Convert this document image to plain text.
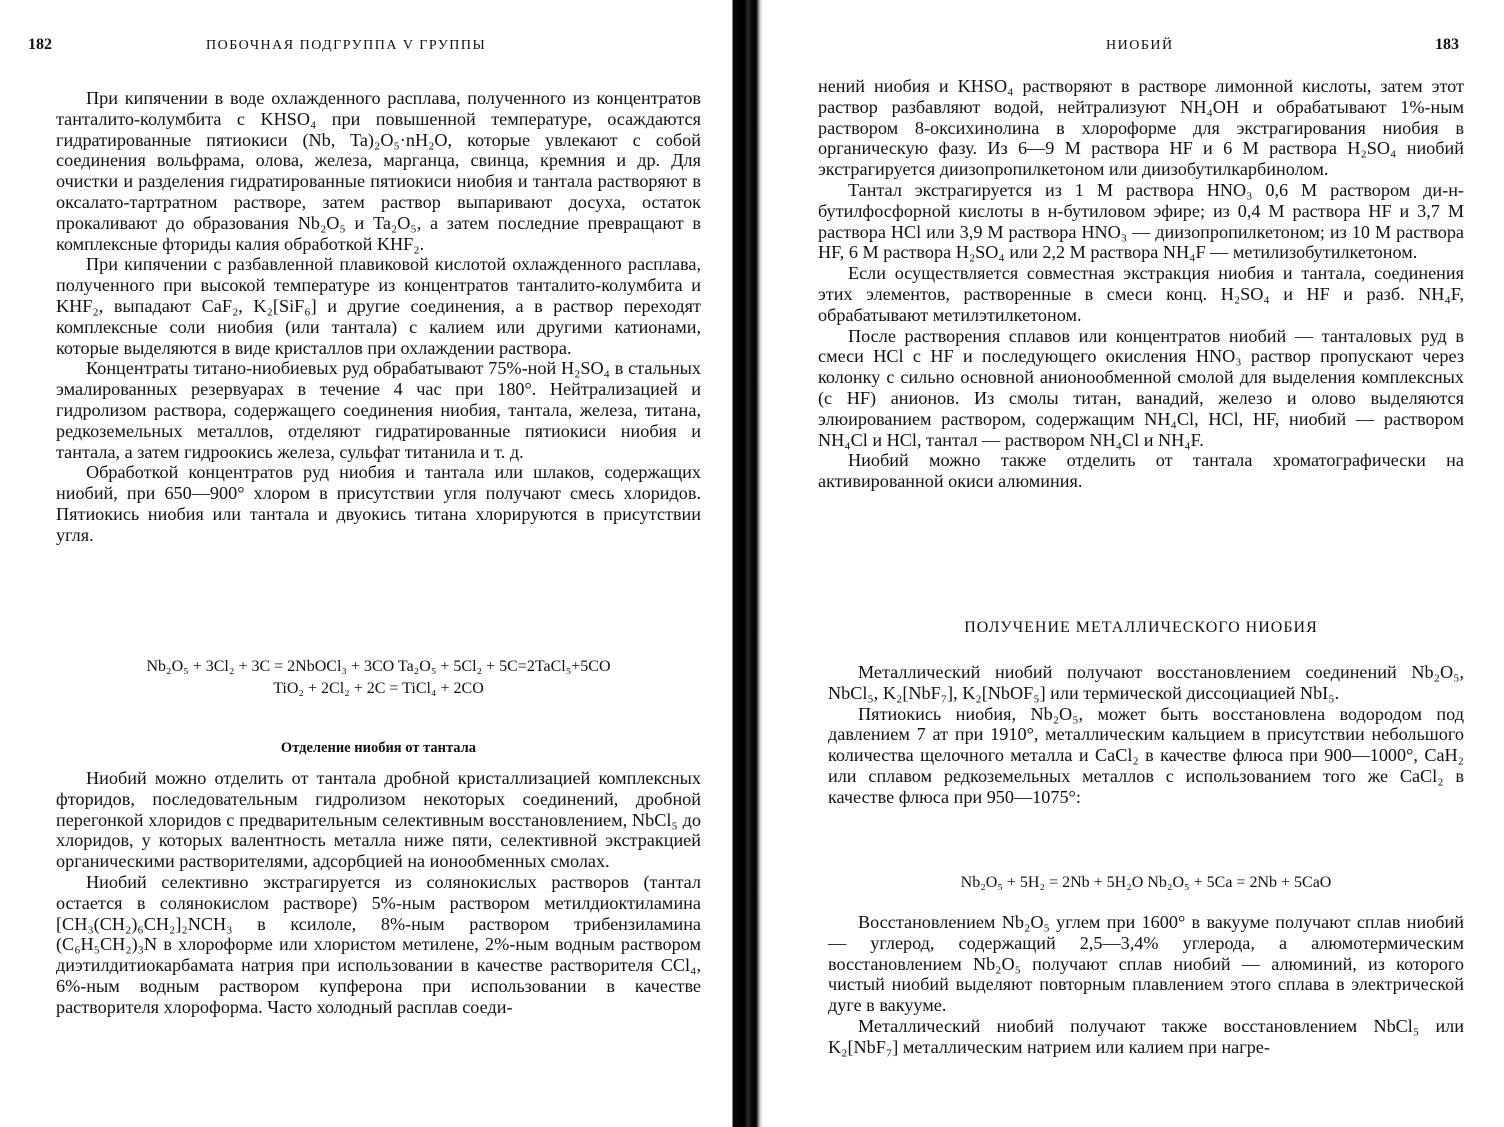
182	ПОБОЧНАЯ ПОДГРУППА V ГРУППЫ

При кипячении в воде охлажденного расплава, полученного из концентратов танталито-колумбита с KHSO₄ при повышенной температуре, осаждаются гидратированные пятиокиси (Nb, Ta)₂O₅·nH₂O, которые увлекают с собой соединения вольфрама, олова, железа, марганца, свинца, кремния и др. Для очистки и разделения гидратированные пятиокиси ниобия и тантала растворяют в оксалато-тартратном растворе, затем раствор выпаривают досуха, остаток прокаливают до образования Nb₂O₅ и Ta₂O₅, а затем последние превращают в комплексные фториды калия обработкой KHF₂.

При кипячении с разбавленной плавиковой кислотой охлажденного расплава, полученного при высокой температуре из концентратов танталито-колумбита и KHF₂, выпадают CaF₂, K₂[SiF₆] и другие соединения, а в раствор переходят комплексные соли ниобия (или тантала) с калием или другими катионами, которые выделяются в виде кристаллов при охлаждении раствора.

Концентраты титано-ниобиевых руд обрабатывают 75%-ной H₂SO₄ в стальных эмалированных резервуарах в течение 4 час при 180°. Нейтрализацией и гидролизом раствора, содержащего соединения ниобия, тантала, железа, титана, редкоземельных металлов, отделяют гидратированные пятиокиси ниобия и тантала, а затем гидроокись железа, сульфат титанила и т. д.

Обработкой концентратов руд ниобия и тантала или шлаков, содержащих ниобий, при 650—900° хлором в присутствии угля получают смесь хлоридов. Пятиокись ниобия или тантала и двуокись титана хлорируются в присутствии угля.

Nb₂O₅ + 3Cl₂ + 3C = 2NbOCl₃ + 3CO Ta₂O₅ + 5Cl₂ + 5C=2TaCl₅+5CO
TiO₂ + 2Cl₂ + 2C = TiCl₄ + 2CO
Отделение ниобия от тантала

Ниобий можно отделить от тантала дробной кристаллизацией комплексных фторидов, последовательным гидролизом некоторых соединений, дробной перегонкой хлоридов с предварительным селективным восстановлением, NbCl₅ до хлоридов, у которых валентность металла ниже пяти, селективной экстракцией органическими растворителями, адсорбцией на ионообменных смолах.

Ниобий селективно экстрагируется из солянокислых растворов (тантал остается в солянокислом растворе) 5%-ным раствором метилдиоктиламина [CH₃(CH₂)₆CH₂]₂NCH₃ в ксилоле, 8%-ным раствором трибензиламина (C₆H₅CH₂)₃N в хлороформе или хлористом метилене, 2%-ным водным раствором диэтилдитиокарбамата натрия при использовании в качестве растворителя CCl₄, 6%-ным водным раствором купферона при использовании в качестве растворителя хлороформа. Часто холодный расплав соеди-

НИОБИЙ	183

нений ниобия и KHSO₄ растворяют в растворе лимонной кислоты, затем этот раствор разбавляют водой, нейтрализуют NH₄OH и обрабатывают 1%-ным раствором 8-оксихинолина в хлороформе для экстрагирования ниобия в органическую фазу. Из 6—9 M раствора HF и 6 M раствора H₂SO₄ ниобий экстрагируется диизопропилкетоном или диизобутилкарбинолом.

Тантал экстрагируется из 1 M раствора HNO₃ 0,6 M раствором ди-н-бутилфосфорной кислоты в н-бутиловом эфире; из 0,4 M раствора HF и 3,7 M раствора HCl или 3,9 M раствора HNO₃ — диизопропилкетоном; из 10 M раствора HF, 6 M раствора H₂SO₄ или 2,2 M раствора NH₄F — метилизобутилкетоном.

Если осуществляется совместная экстракция ниобия и тантала, соединения этих элементов, растворенные в смеси конц. H₂SO₄ и HF и разб. NH₄F, обрабатывают метилэтилкетоном.

После растворения сплавов или концентратов ниобий — танталовых руд в смеси HCl с HF и последующего окисления HNO₃ раствор пропускают через колонку с сильно основной анионообменной смолой для выделения комплексных (с HF) анионов. Из смолы титан, ванадий, железо и олово выделяются элюированием раствором, содержащим NH₄Cl, HCl, HF, ниобий — раствором NH₄Cl и HCl, тантал — раствором NH₄Cl и NH₄F.

Ниобий можно также отделить от тантала хроматографически на активированной окиси алюминия.

ПОЛУЧЕНИЕ МЕТАЛЛИЧЕСКОГО НИОБИЯ

Металлический ниобий получают восстановлением соединений Nb₂O₅, NbCl₅, K₂[NbF₇], K₂[NbOF₅] или термической диссоциацией NbI₅.

Пятиокись ниобия, Nb₂O₅, может быть восстановлена водородом под давлением 7 ат при 1910°, металлическим кальцием в присутствии небольшого количества щелочного металла и CaCl₂ в качестве флюса при 900—1000°, CaH₂ или сплавом редкоземельных металлов с использованием того же CaCl₂ в качестве флюса при 950—1075°:

Nb₂O₅ + 5H₂ = 2Nb + 5H₂O Nb₂O₅ + 5Ca = 2Nb + 5CaO

Восстановлением Nb₂O₅ углем при 1600° в вакууме получают сплав ниобий — углерод, содержащий 2,5—3,4% углерода, а алюмотермическим восстановлением Nb₂O₅ получают сплав ниобий — алюминий, из которого чистый ниобий выделяют повторным плавлением этого сплава в электрической дуге в вакууме.

Металлический ниобий получают также восстановлением NbCl₅ или K₂[NbF₇] металлическим натрием или калием при нагре-
